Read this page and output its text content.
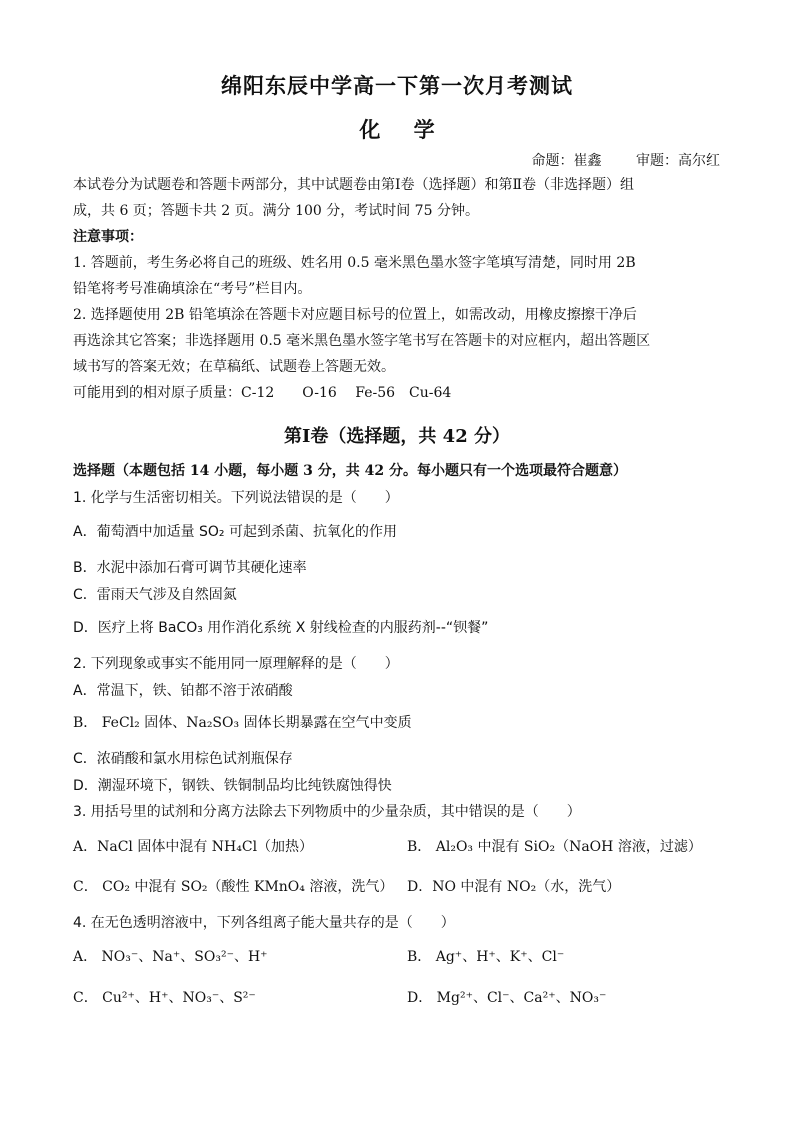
绵阳东辰中学高一下第一次月考测试
化 学
命题：崔鑫 审题：高尔红
本试卷分为试题卷和答题卡两部分，其中试题卷由第Ⅰ卷（选择题）和第Ⅱ卷（非选择题）组
成，共 6 页；答题卡共 2 页。满分 100 分，考试时间 75 分钟。
注意事项：
1. 答题前，考生务必将自己的班级、姓名用 0.5 毫米黑色墨水签字笔填写清楚，同时用 2B
铅笔将考号准确填涂在“考号”栏目内。
2. 选择题使用 2B 铅笔填涂在答题卡对应题目标号的位置上，如需改动，用橡皮擦擦干净后
再选涂其它答案；非选择题用 0.5 毫米黑色墨水签字笔书写在答题卡的对应框内，超出答题区
域书写的答案无效；在草稿纸、试题卷上答题无效。
可能用到的相对原子质量：C-12　　O-16　 Fe-56　Cu-64
第Ⅰ卷（选择题，共 42 分）
选择题（本题包括 14 小题，每小题 3 分，共 42 分。每小题只有一个选项最符合题意）
1. 化学与生活密切相关。下列说法错误的是（　　）
A．葡萄酒中加适量 SO₂ 可起到杀菌、抗氧化的作用
B．水泥中添加石膏可调节其硬化速率
C．雷雨天气涉及自然固氮
D．医疗上将 BaCO₃ 用作消化系统 X 射线检查的内服药剂--“钡餐”
2. 下列现象或事实不能用同一原理解释的是（　　）
A．常温下，铁、铂都不溶于浓硝酸
B． FeCl₂ 固体、Na₂SO₃ 固体长期暴露在空气中变质
C．浓硝酸和氯水用棕色试剂瓶保存
D．潮湿环境下，钢铁、铁铜制品均比纯铁腐蚀得快
3. 用括号里的试剂和分离方法除去下列物质中的少量杂质，其中错误的是（　　）
A．NaCl 固体中混有 NH₄Cl（加热）	B． Al₂O₃ 中混有 SiO₂（NaOH 溶液，过滤）
C． CO₂ 中混有 SO₂（酸性 KMnO₄ 溶液，洗气） D．NO 中混有 NO₂（水，洗气）
4. 在无色透明溶液中，下列各组离子能大量共存的是（　　）
A． NO₃⁻、Na⁺、SO₃²⁻、H⁺	B． Ag⁺、H⁺、K⁺、Cl⁻
C． Cu²⁺、H⁺、NO₃⁻、S²⁻	D． Mg²⁺、Cl⁻、Ca²⁺、NO₃⁻
